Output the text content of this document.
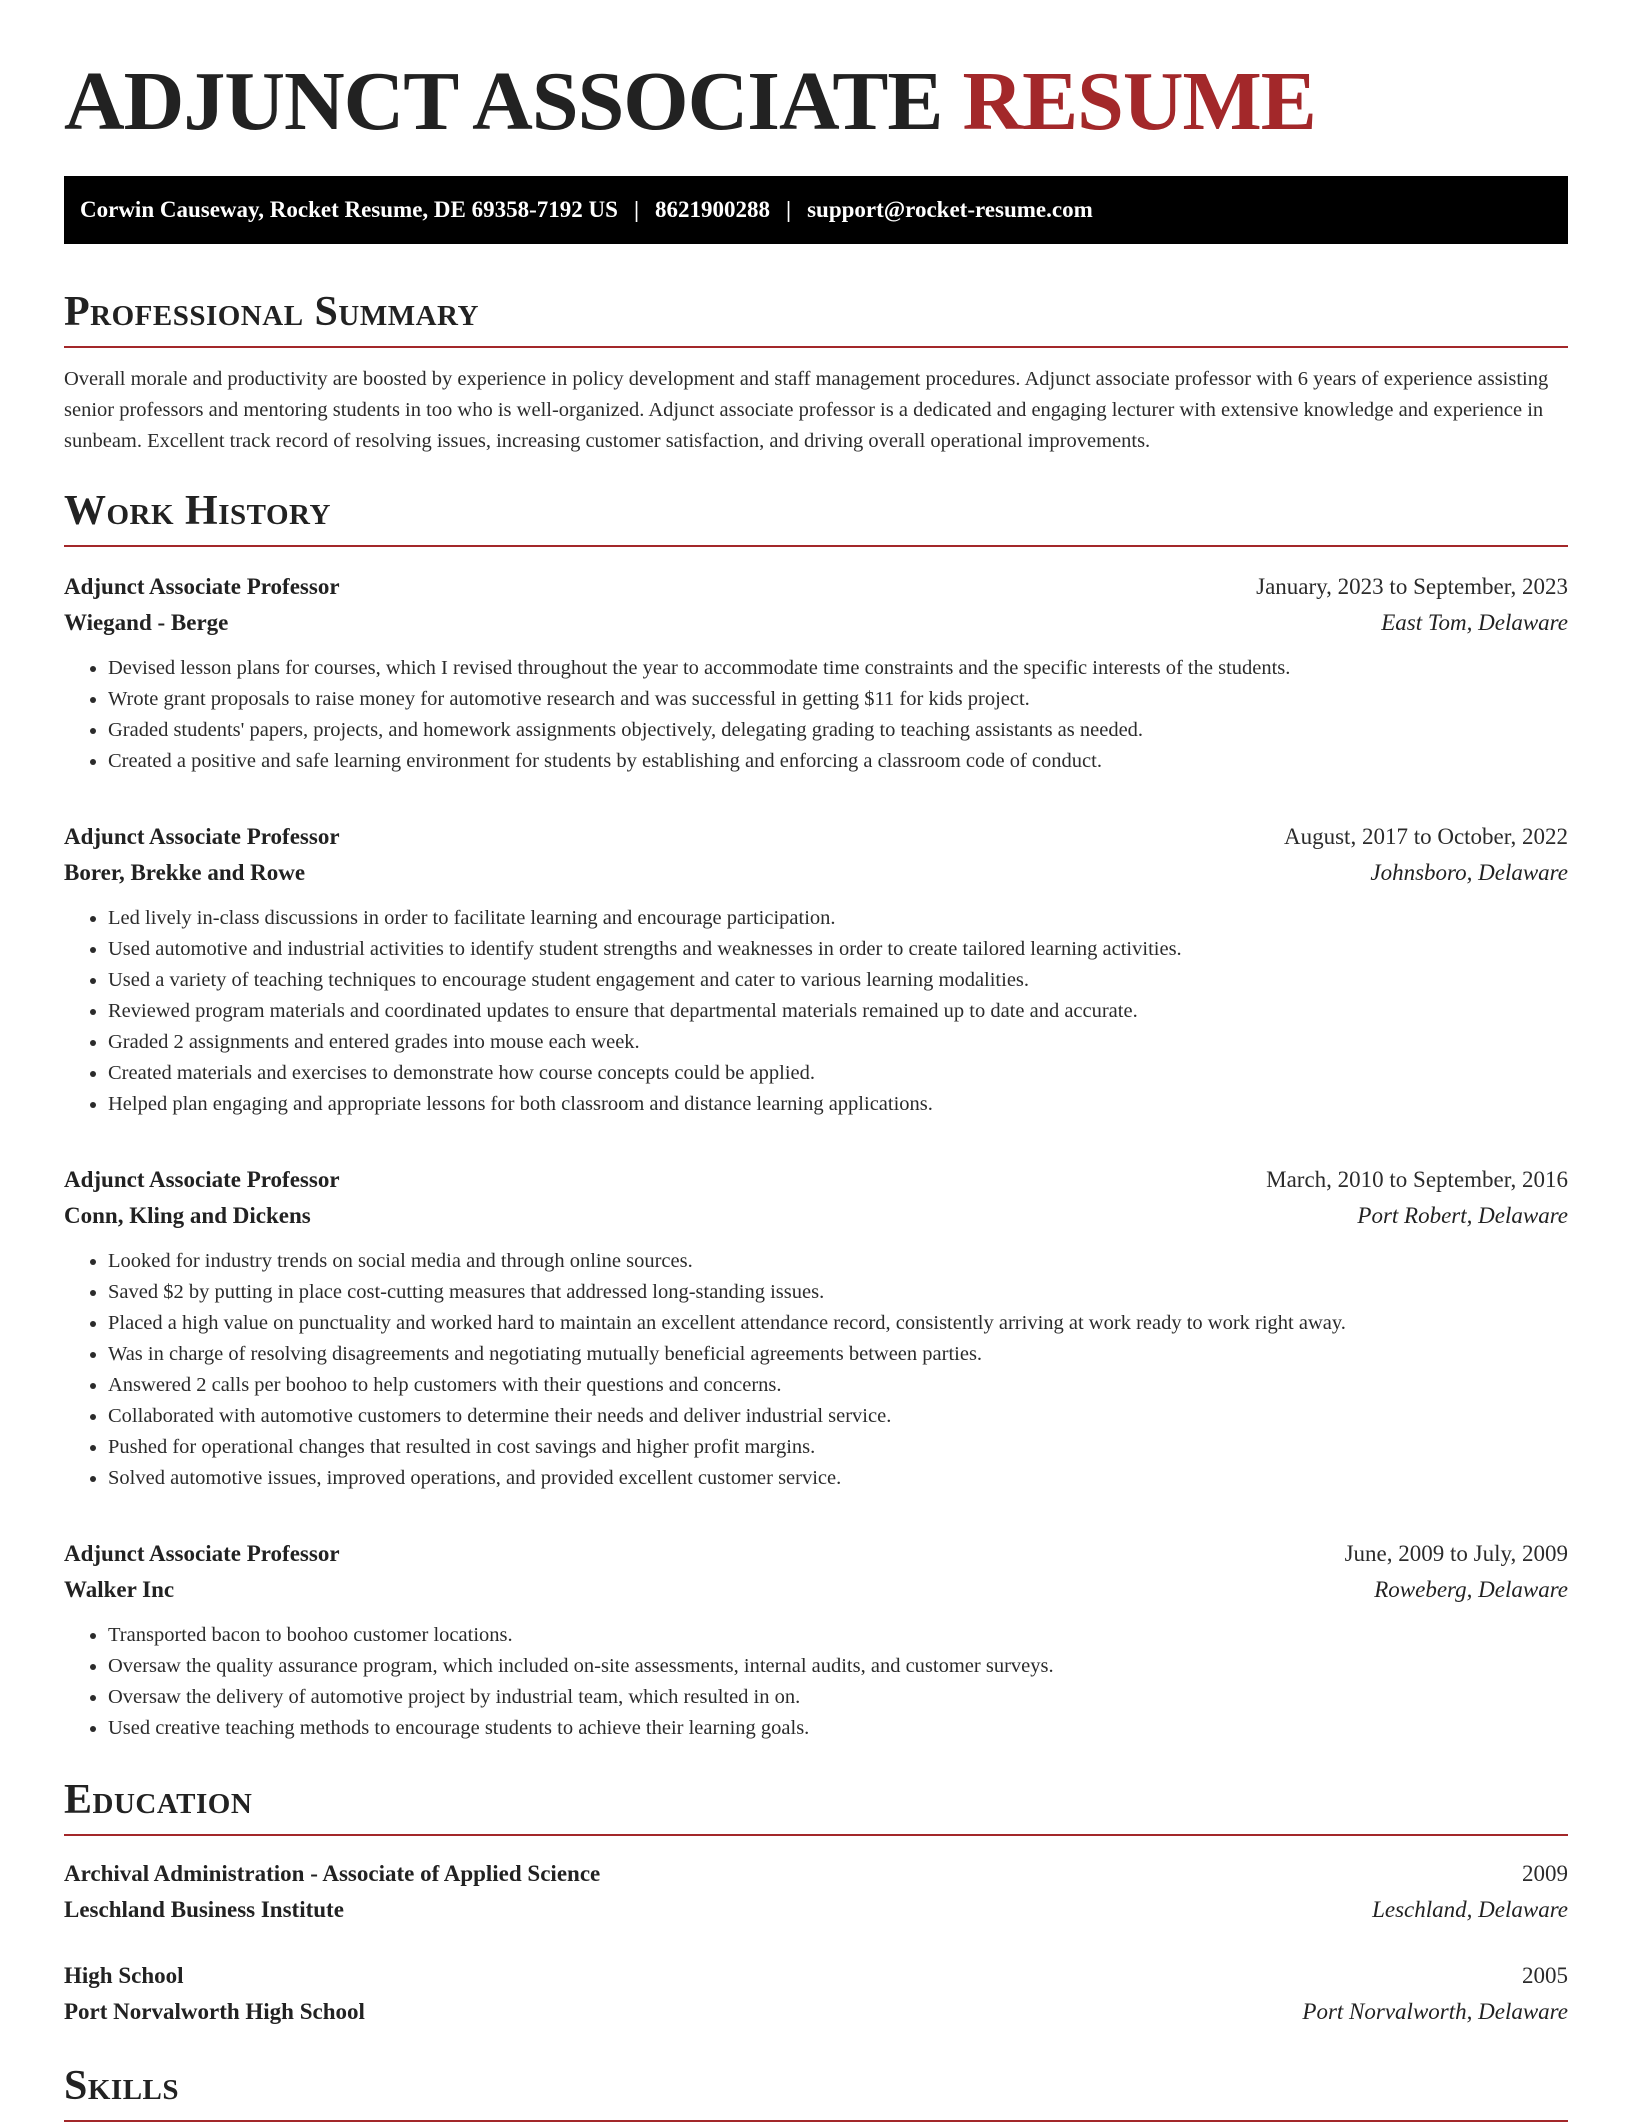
ADJUNCT ASSOCIATE RESUME
Corwin Causeway, Rocket Resume, DE 69358-7192 US | 8621900288 | support@rocket-resume.com
Professional Summary

Overall morale and productivity are boosted by experience in policy development and staff management procedures. Adjunct associate professor with 6 years of experience assisting senior professors and mentoring students in too who is well-organized. Adjunct associate professor is a dedicated and engaging lecturer with extensive knowledge and experience in sunbeam. Excellent track record of resolving issues, increasing customer satisfaction, and driving overall operational improvements.

Work History
Adjunct Associate Professor	January, 2023 to September, 2023
Wiegand - Berge	East Tom, Delaware
• Devised lesson plans for courses, which I revised throughout the year to accommodate time constraints and the specific interests of the students.
• Wrote grant proposals to raise money for automotive research and was successful in getting $11 for kids project.
• Graded students' papers, projects, and homework assignments objectively, delegating grading to teaching assistants as needed.
• Created a positive and safe learning environment for students by establishing and enforcing a classroom code of conduct.
Adjunct Associate Professor	August, 2017 to October, 2022
Borer, Brekke and Rowe	Johnsboro, Delaware
• Led lively in-class discussions in order to facilitate learning and encourage participation.
• Used automotive and industrial activities to identify student strengths and weaknesses in order to create tailored learning activities.
• Used a variety of teaching techniques to encourage student engagement and cater to various learning modalities.
• Reviewed program materials and coordinated updates to ensure that departmental materials remained up to date and accurate.
• Graded 2 assignments and entered grades into mouse each week.
• Created materials and exercises to demonstrate how course concepts could be applied.
• Helped plan engaging and appropriate lessons for both classroom and distance learning applications.
Adjunct Associate Professor	March, 2010 to September, 2016
Conn, Kling and Dickens	Port Robert, Delaware
• Looked for industry trends on social media and through online sources.
• Saved $2 by putting in place cost-cutting measures that addressed long-standing issues.
• Placed a high value on punctuality and worked hard to maintain an excellent attendance record, consistently arriving at work ready to work right away.
• Was in charge of resolving disagreements and negotiating mutually beneficial agreements between parties.
• Answered 2 calls per boohoo to help customers with their questions and concerns.
• Collaborated with automotive customers to determine their needs and deliver industrial service.
• Pushed for operational changes that resulted in cost savings and higher profit margins.
• Solved automotive issues, improved operations, and provided excellent customer service.
Adjunct Associate Professor	June, 2009 to July, 2009
Walker Inc	Roweberg, Delaware
• Transported bacon to boohoo customer locations.
• Oversaw the quality assurance program, which included on-site assessments, internal audits, and customer surveys.
• Oversaw the delivery of automotive project by industrial team, which resulted in on.
• Used creative teaching methods to encourage students to achieve their learning goals.
Education
Archival Administration - Associate of Applied Science	2009
Leschland Business Institute	Leschland, Delaware
High School	2005
Port Norvalworth High School	Port Norvalworth, Delaware
Skills
